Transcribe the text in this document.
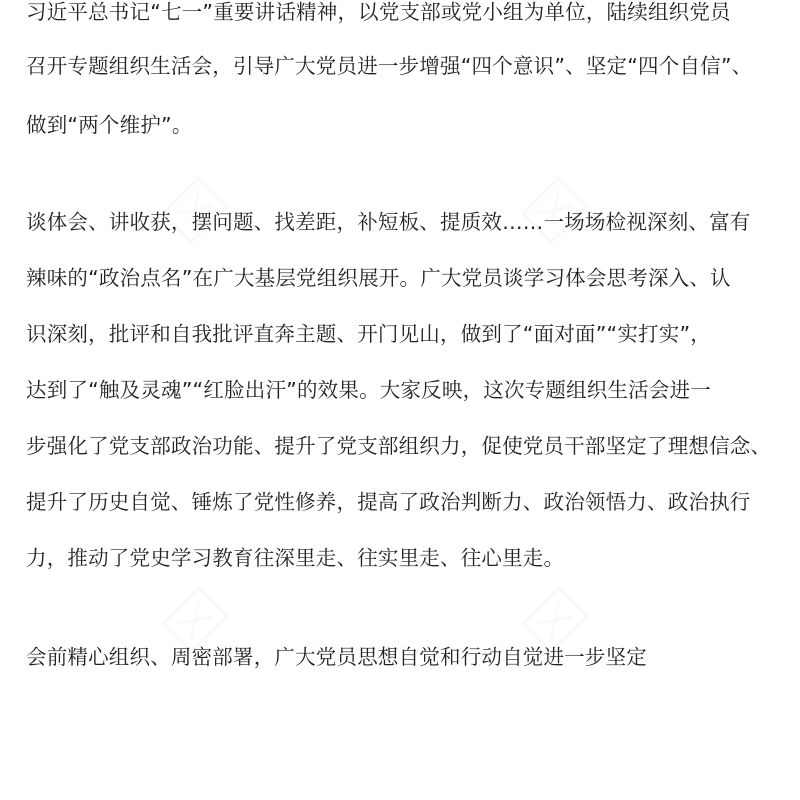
习近平总书记“七一”重要讲话精神，以党支部或党小组为单位，陆续组织党员
召开专题组织生活会，引导广大党员进一步增强“四个意识”、坚定“四个自信”、
做到“两个维护”。
谈体会、讲收获，摆问题、找差距，补短板、提质效……一场场检视深刻、富有
辣味的“政治点名”在广大基层党组织展开。广大党员谈学习体会思考深入、认
识深刻，批评和自我批评直奔主题、开门见山，做到了“面对面”“实打实”，
达到了“触及灵魂”“红脸出汗”的效果。大家反映，这次专题组织生活会进一
步强化了党支部政治功能、提升了党支部组织力，促使党员干部坚定了理想信念、
提升了历史自觉、锤炼了党性修养，提高了政治判断力、政治领悟力、政治执行
力，推动了党史学习教育往深里走、往实里走、往心里走。
会前精心组织、周密部署，广大党员思想自觉和行动自觉进一步坚定
